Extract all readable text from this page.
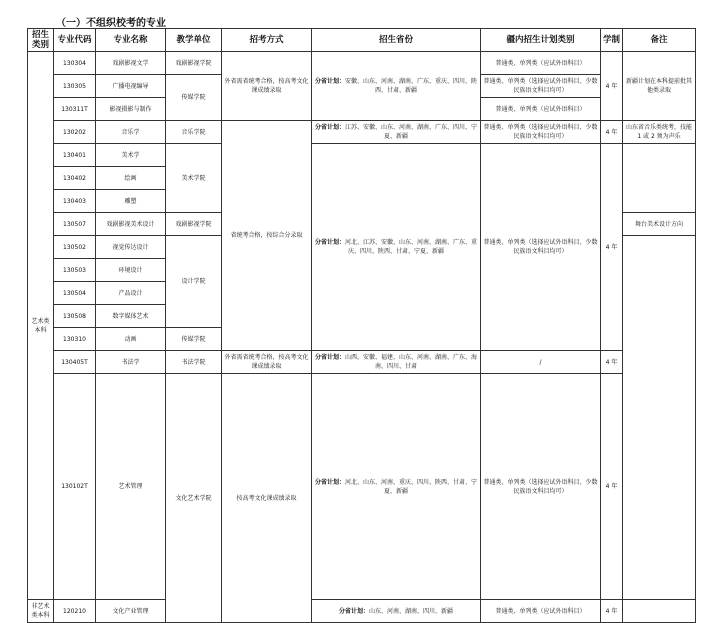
（一）不组织校考的专业
招生类别	专业代码	专业名称	教学单位	招考方式	招生省份	疆内招生计划类别	学制	备注	
艺术类本科	130304	戏剧影视文学	戏剧影视学院	外省需省统考合格，按高考文化课成绩录取	分省计划：安徽、山东、河南、湖南、广东、重庆、四川、陕西、甘肃、新疆	普通类、单列类（应试外语科目）	4 年		
	130305	广播电视编导	传媒学院			普通类、单列类（选择应试外语科目、少数民族语文科目均可）		新疆计划在本科提前批其他类录取	
	130311T	影视摄影与制作				普通类、单列类（应试外语科目）			
	130202	音乐学	音乐学院	省统考合格，按综合分录取	分省计划：江苏、安徽、山东、河南、湖南、广东、四川、宁夏、新疆	普通类、单列类（选择应试外语科目、少数民族语文科目均可）	4 年	山东省音乐类统考，技能 1 或 2 须为声乐	
	130401	美术学	美术学院		分省计划：河北、江苏、安徽、山东、河南、湖南、广东、重庆、四川、陕西、甘肃、宁夏、新疆	普通类、单列类（选择应试外语科目、少数民族语文科目均可）	4 年		
	130402	绘画							
	130403	雕塑							
	130507	戏剧影视美术设计	戏剧影视学院					舞台美术设计方向	
	130502	视觉传达设计	设计学院						
	130503	环境设计							
	130504	产品设计							
	130508	数字媒体艺术							
	130310	动画	传媒学院						
	130405T	书法学	书法学院	外省需省统考合格，按高考文化课成绩录取	分省计划：山西、安徽、福建、山东、河南、湖南、广东、海南、四川、甘肃	/	4 年		
	130102T	艺术管理	文化艺术学院	按高考文化课成绩录取	分省计划：河北、山东、河南、重庆、四川、陕西、甘肃、宁夏、新疆	普通类、单列类（选择应试外语科目、少数民族语文科目均可）	4 年	
非艺术类本科	120210	文化产业管理			分省计划：山东、河南、湖南、四川、新疆	普通类、单列类（应试外语科目）	4 年		
